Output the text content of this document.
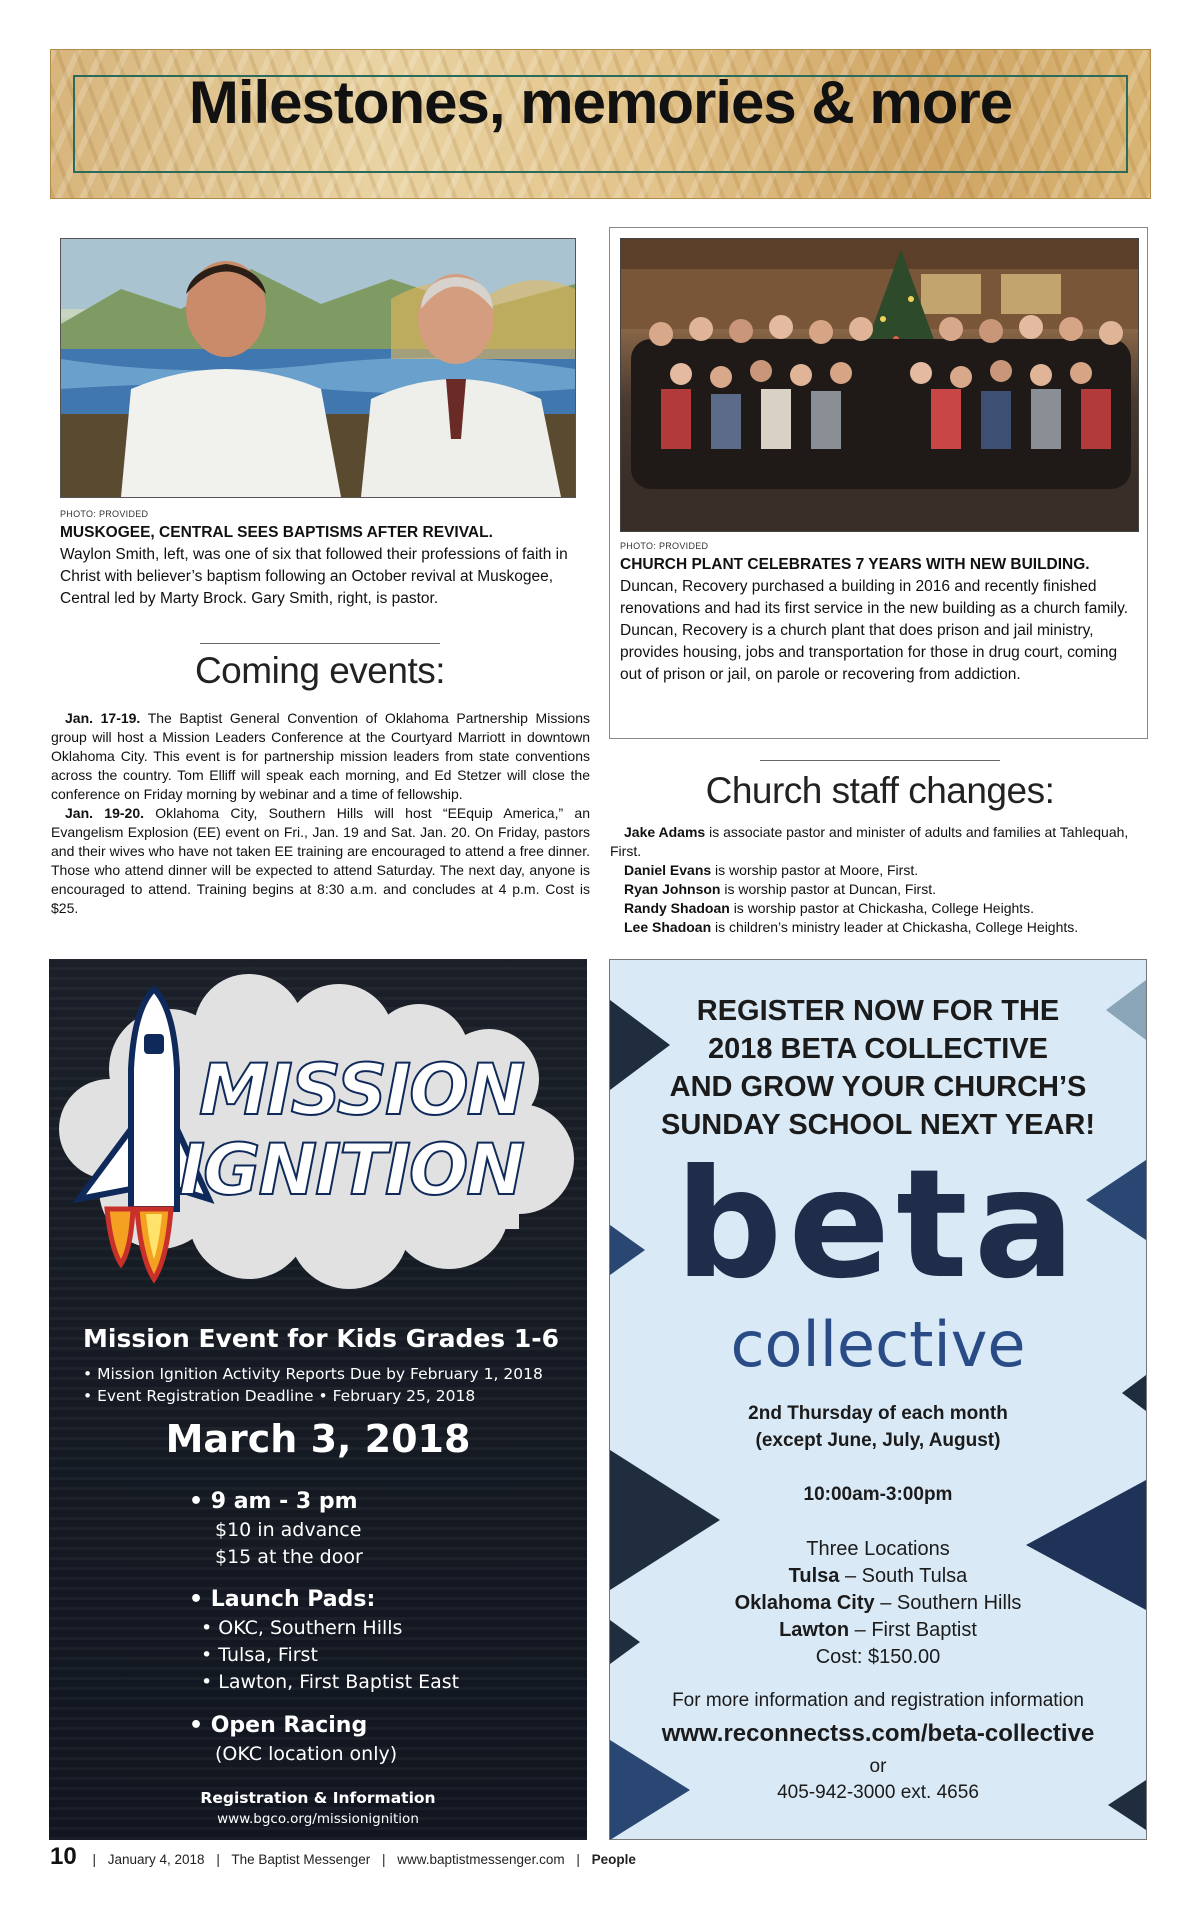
Milestones, memories & more
PHOTO: PROVIDED
MUSKOGEE, CENTRAL SEES BAPTISMS AFTER REVIVAL.
Waylon Smith, left, was one of six that followed their professions of faith in Christ with believer’s baptism following an October revival at Muskogee, Central led by Marty Brock. Gary Smith, right, is pastor.
PHOTO: PROVIDED
CHURCH PLANT CELEBRATES 7 YEARS WITH NEW BUILDING. Duncan, Recovery purchased a building in 2016 and recently finished renovations and had its first service in the new building as a church family. Duncan, Recovery is a church plant that does prison and jail ministry, provides housing, jobs and transportation for those in drug court, coming out of prison or jail, on parole or recovering from addiction.
Coming events:

Jan. 17-19. The Baptist General Convention of Oklahoma Partnership Missions group will host a Mission Leaders Conference at the Courtyard Marriott in downtown Oklahoma City. This event is for partnership mission leaders from state conventions across the country. Tom Elliff will speak each morning, and Ed Stetzer will close the conference on Friday morning by webinar and a time of fellowship.

Jan. 19-20. Oklahoma City, Southern Hills will host “EEquip America,” an Evangelism Explosion (EE) event on Fri., Jan. 19 and Sat. Jan. 20. On Friday, pastors and their wives who have not taken EE training are encouraged to attend a free dinner. Those who attend dinner will be expected to attend Saturday. The next day, anyone is encouraged to attend. Training begins at 8:30 a.m. and concludes at 4 p.m. Cost is $25.

Church staff changes:

Jake Adams is associate pastor and minister of adults and families at Tahlequah, First.

Daniel Evans is worship pastor at Moore, First.

Ryan Johnson is worship pastor at Duncan, First.

Randy Shadoan is worship pastor at Chickasha, College Heights.

Lee Shadoan is children’s ministry leader at Chickasha, College Heights.

MISSION
IGNITION
Mission Event for Kids Grades 1-6
• Mission Ignition Activity Reports Due by February 1, 2018
• Event Registration Deadline • February 25, 2018
March 3, 2018
• 9 am - 3 pm
$10 in advance
$15 at the door
• Launch Pads:
• OKC, Southern Hills
• Tulsa, First
• Lawton, First Baptist East
• Open Racing
(OKC location only)
Registration & Information
www.bgco.org/missionignition
REGISTER NOW FOR THE
2018 BETA COLLECTIVE
AND GROW YOUR CHURCH’S
SUNDAY SCHOOL NEXT YEAR!
beta
collective
2nd Thursday of each month
(except June, July, August)
10:00am-3:00pm
Three Locations
Tulsa – South Tulsa
Oklahoma City – Southern Hills
Lawton – First Baptist
Cost: $150.00
For more information and registration information
www.reconnectss.com/beta-collective
or
405-942-3000 ext. 4656
10 | January 4, 2018 | The Baptist Messenger | www.baptistmessenger.com | People
